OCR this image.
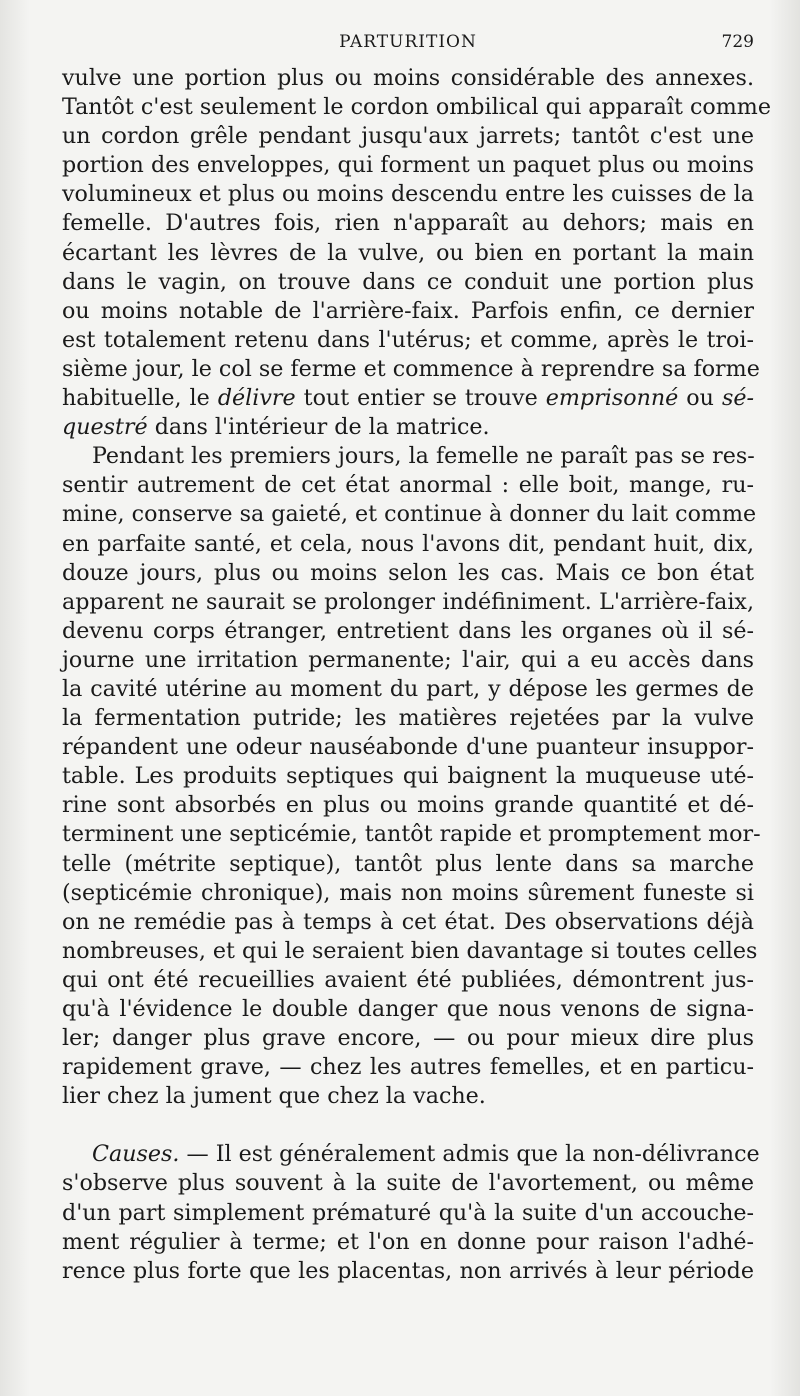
PARTURITION	729
vulve une portion plus ou moins considérable des annexes.
Tantôt c'est seulement le cordon ombilical qui apparaît comme
un cordon grêle pendant jusqu'aux jarrets; tantôt c'est une
portion des enveloppes, qui forment un paquet plus ou moins
volumineux et plus ou moins descendu entre les cuisses de la
femelle. D'autres fois, rien n'apparaît au dehors; mais en
écartant les lèvres de la vulve, ou bien en portant la main
dans le vagin, on trouve dans ce conduit une portion plus
ou moins notable de l'arrière-faix. Parfois enfin, ce dernier
est totalement retenu dans l'utérus; et comme, après le troi-
sième jour, le col se ferme et commence à reprendre sa forme
habituelle, le délivre tout entier se trouve emprisonné ou sé-
questré dans l'intérieur de la matrice.
Pendant les premiers jours, la femelle ne paraît pas se res-
sentir autrement de cet état anormal : elle boit, mange, ru-
mine, conserve sa gaieté, et continue à donner du lait comme
en parfaite santé, et cela, nous l'avons dit, pendant huit, dix,
douze jours, plus ou moins selon les cas. Mais ce bon état
apparent ne saurait se prolonger indéfiniment. L'arrière-faix,
devenu corps étranger, entretient dans les organes où il sé-
journe une irritation permanente; l'air, qui a eu accès dans
la cavité utérine au moment du part, y dépose les germes de
la fermentation putride; les matières rejetées par la vulve
répandent une odeur nauséabonde d'une puanteur insuppor-
table. Les produits septiques qui baignent la muqueuse uté-
rine sont absorbés en plus ou moins grande quantité et dé-
terminent une septicémie, tantôt rapide et promptement mor-
telle (métrite septique), tantôt plus lente dans sa marche
(septicémie chronique), mais non moins sûrement funeste si
on ne remédie pas à temps à cet état. Des observations déjà
nombreuses, et qui le seraient bien davantage si toutes celles
qui ont été recueillies avaient été publiées, démontrent jus-
qu'à l'évidence le double danger que nous venons de signa-
ler; danger plus grave encore, — ou pour mieux dire plus
rapidement grave, — chez les autres femelles, et en particu-
lier chez la jument que chez la vache.
Causes. — Il est généralement admis que la non-délivrance
s'observe plus souvent à la suite de l'avortement, ou même
d'un part simplement prématuré qu'à la suite d'un accouche-
ment régulier à terme; et l'on en donne pour raison l'adhé-
rence plus forte que les placentas, non arrivés à leur période
